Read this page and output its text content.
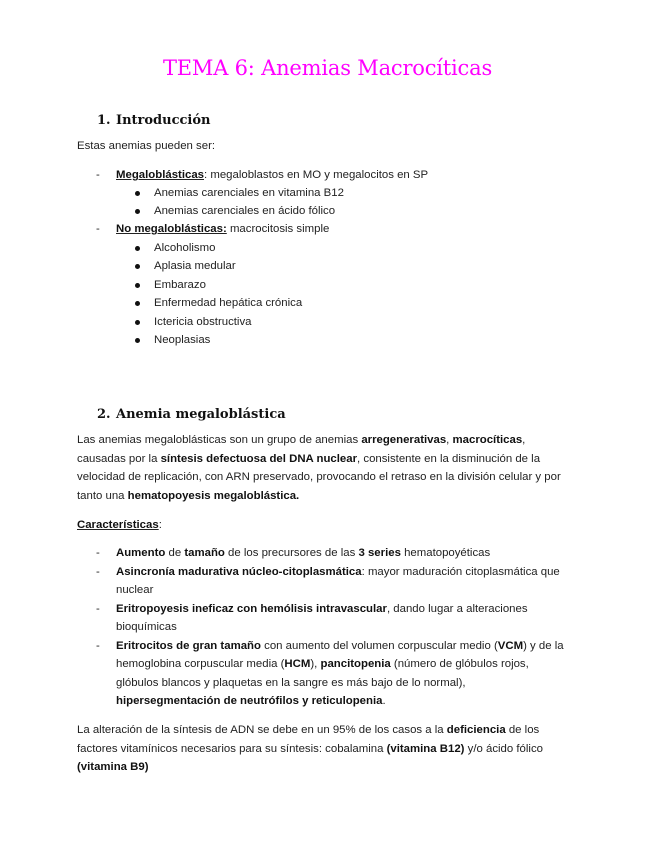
TEMA 6: Anemias Macrocíticas
1. Introducción

Estas anemias pueden ser:

- Megaloblásticas: megaloblastos en MO y megalocitos en SP

Anemias carenciales en vitamina B12

Anemias carenciales en ácido fólico

- No megaloblásticas: macrocitosis simple

Alcoholismo

Aplasia medular

Embarazo

Enfermedad hepática crónica

Ictericia obstructiva

Neoplasias

2. Anemia megaloblástica

Las anemias megaloblásticas son un grupo de anemias arregenerativas, macrocíticas,

causadas por la síntesis defectuosa del DNA nuclear, consistente en la disminución de la

velocidad de replicación, con ARN preservado, provocando el retraso en la división celular y por

tanto una hematopoyesis megaloblástica.

Características:

- Aumento de tamaño de los precursores de las 3 series hematopoyéticas

- Asincronía madurativa núcleo-citoplasmática: mayor maduración citoplasmática que

nuclear

- Eritropoyesis ineficaz con hemólisis intravascular, dando lugar a alteraciones

bioquímicas

- Eritrocitos de gran tamaño con aumento del volumen corpuscular medio (VCM) y de la

hemoglobina corpuscular media (HCM), pancitopenia (número de glóbulos rojos,

glóbulos blancos y plaquetas en la sangre es más bajo de lo normal),

hipersegmentación de neutrófilos y reticulopenia.

La alteración de la síntesis de ADN se debe en un 95% de los casos a la deficiencia de los

factores vitamínicos necesarios para su síntesis: cobalamina (vitamina B12) y/o ácido fólico

(vitamina B9)
